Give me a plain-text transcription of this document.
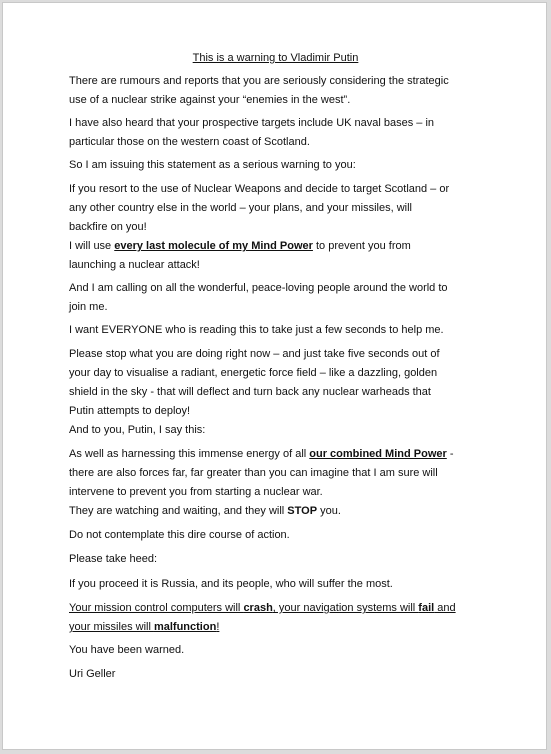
This is a warning to Vladimir Putin

There are rumours and reports that you are seriously considering the strategic
use of a nuclear strike against your “enemies in the west”.

I have also heard that your prospective targets include UK naval bases – in
particular those on the western coast of Scotland.

So I am issuing this statement as a serious warning to you:

If you resort to the use of Nuclear Weapons and decide to target Scotland – or
any other country else in the world – your plans, and your missiles, will
backfire on you!

I will use every last molecule of my Mind Power to prevent you from
launching a nuclear attack!

And I am calling on all the wonderful, peace-loving people around the world to
join me.

I want EVERYONE who is reading this to take just a few seconds to help me.

Please stop what you are doing right now – and just take five seconds out of
your day to visualise a radiant, energetic force field – like a dazzling, golden
shield in the sky - that will deflect and turn back any nuclear warheads that
Putin attempts to deploy!

And to you, Putin, I say this:

As well as harnessing this immense energy of all our combined Mind Power -
there are also forces far, far greater than you can imagine that I am sure will
intervene to prevent you from starting a nuclear war.

They are watching and waiting, and they will STOP you.

Do not contemplate this dire course of action.

Please take heed:

If you proceed it is Russia, and its people, who will suffer the most.

Your mission control computers will crash, your navigation systems will fail and
your missiles will malfunction!

You have been warned.

Uri Geller
